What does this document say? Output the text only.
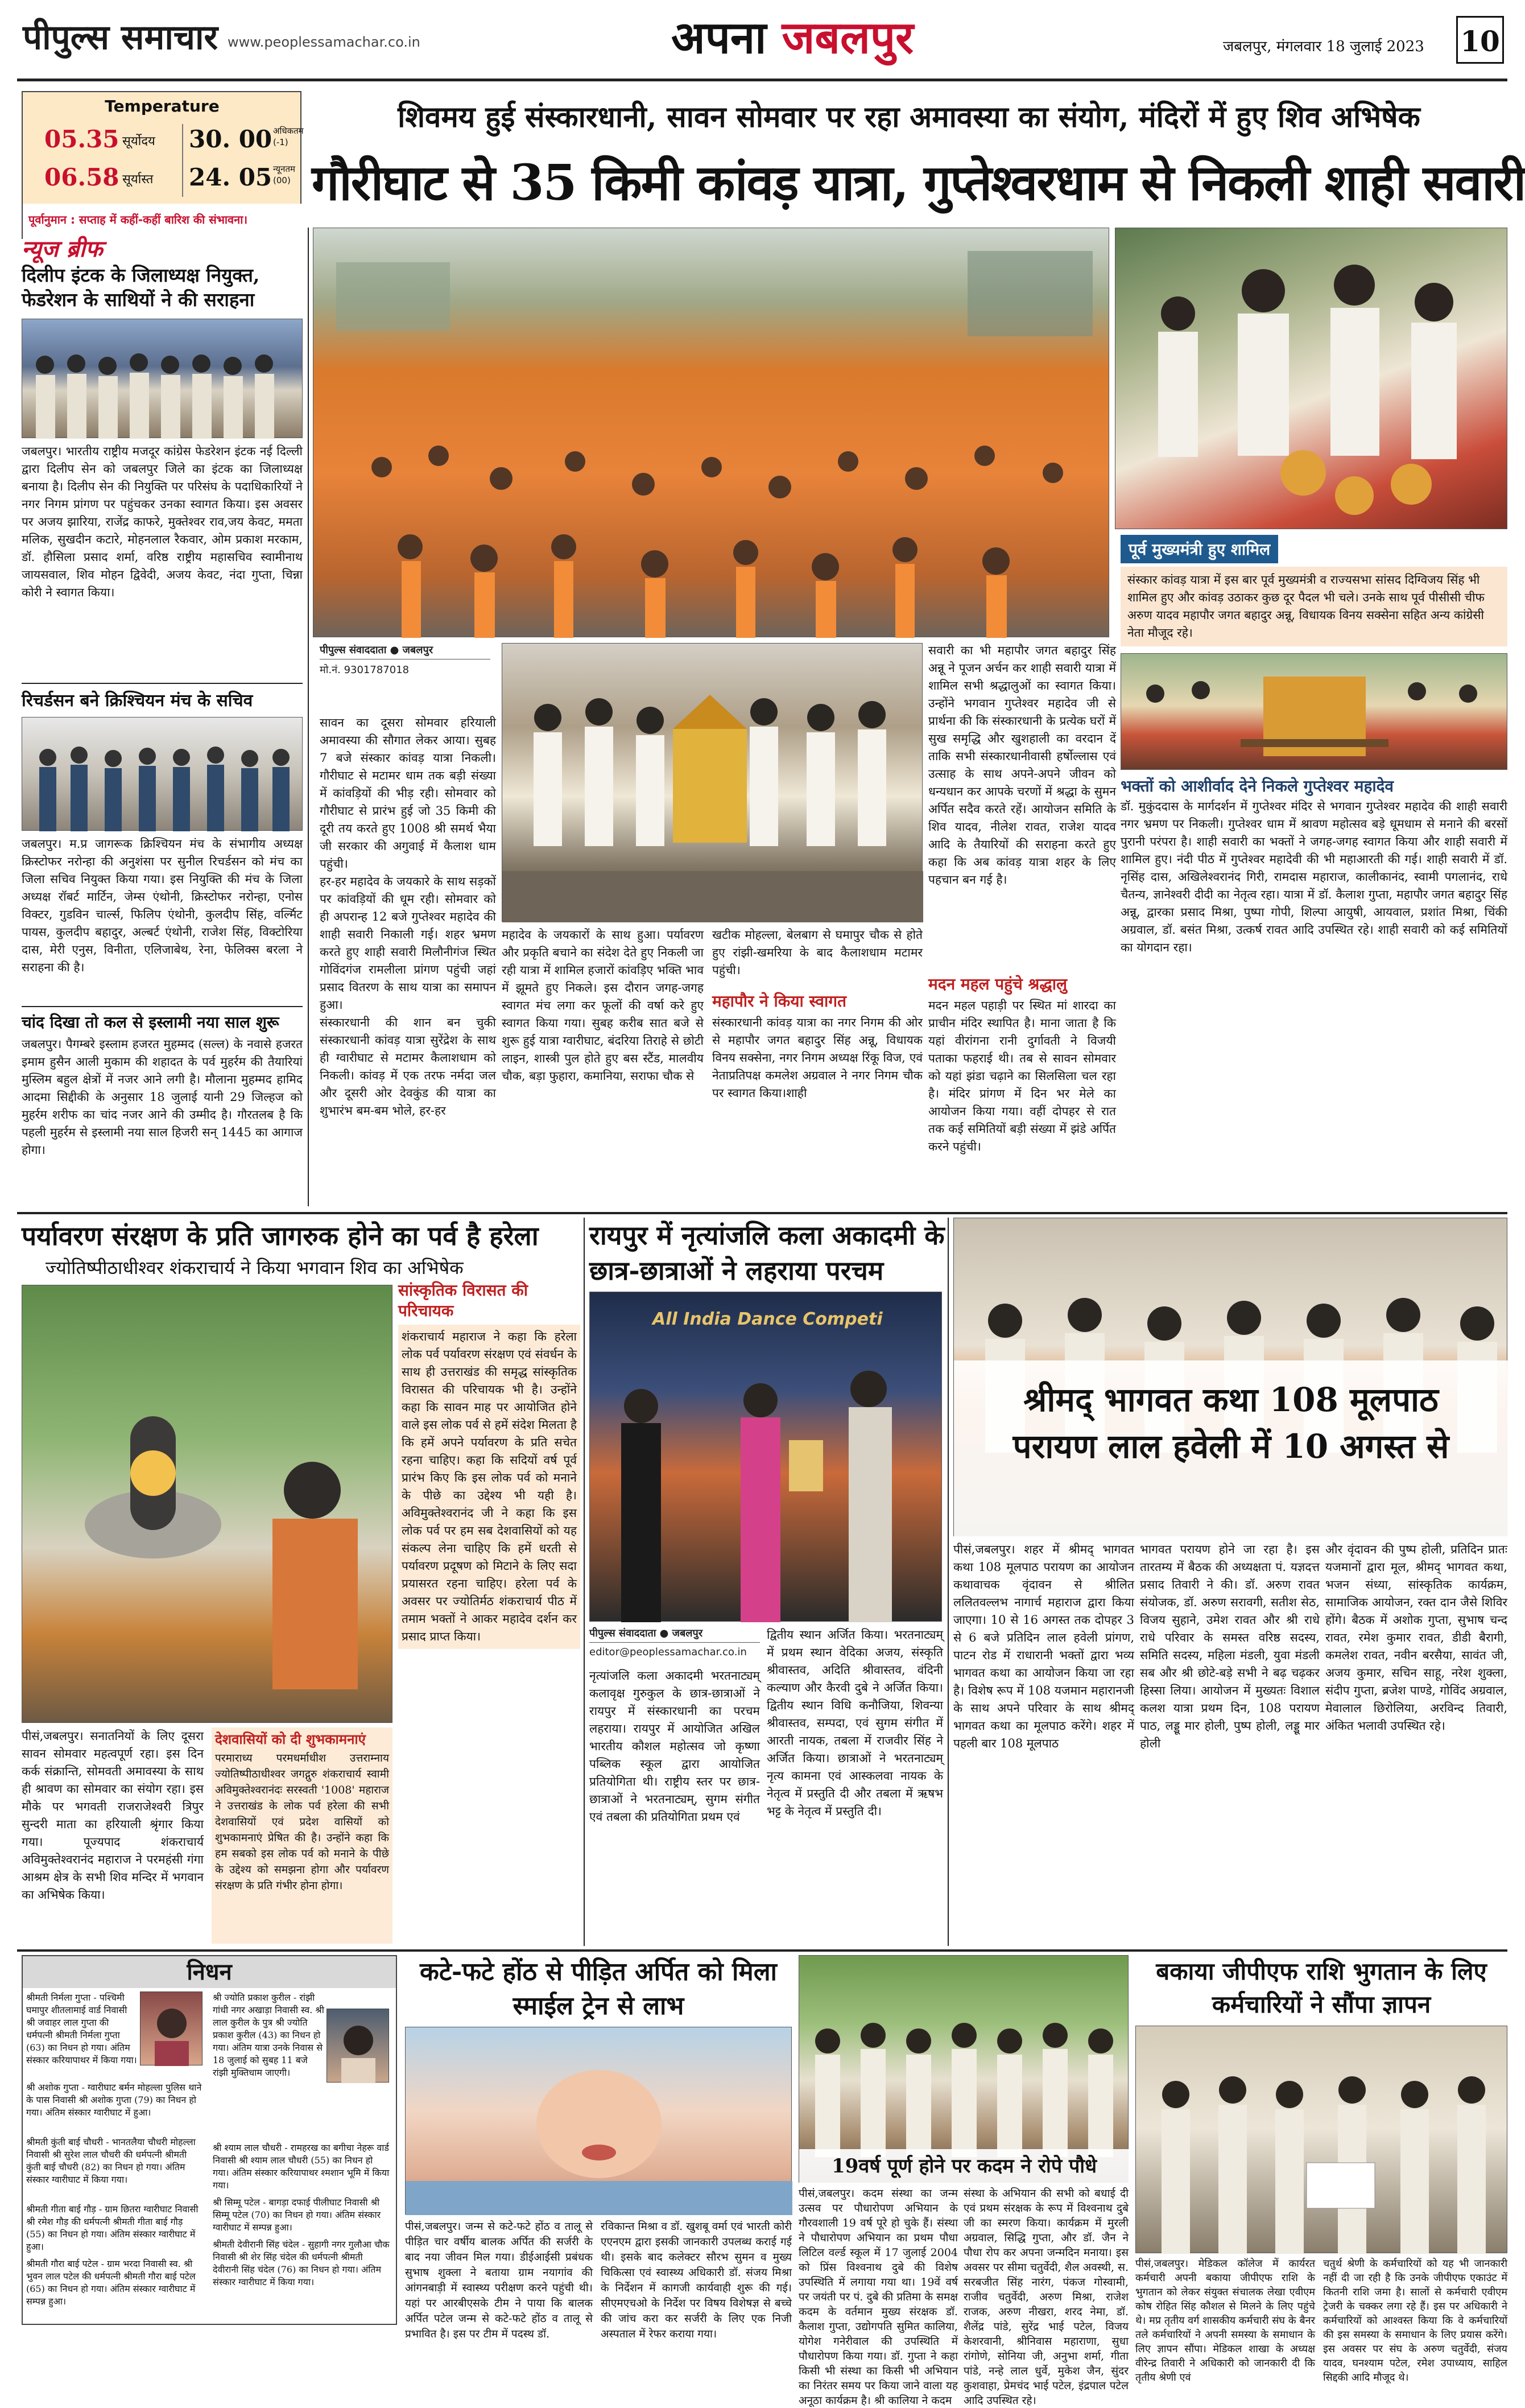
पीपुल्स समाचार www.peoplessamachar.co.in	अपना जबलपुर	जबलपुर, मंगलवार 18 जुलाई 2023 10
Temperature
05.35 सूर्योदय
06.58 सूर्यास्त
30. 00 अधिकतम (-1)
24. 05 न्यूनतम (00)
पूर्वानुमान : सप्ताह में कहीं-कहीं बारिश की संभावना।
शिवमय हुई संस्कारधानी, सावन सोमवार पर रहा अमावस्या का संयोग, मंदिरों में हुए शिव अभिषेक
गौरीघाट से 35 किमी कांवड़ यात्रा, गुप्तेश्वरधाम से निकली शाही सवारी
न्यूज ब्रीफ
दिलीप इंटक के जिलाध्यक्ष नियुक्त, फेडरेशन के साथियों ने की सराहना
जबलपुर। भारतीय राष्ट्रीय मजदूर कांग्रेस फेडरेशन इंटक नई दिल्ली द्वारा दिलीप सेन को जबलपुर जिले का इंटक का जिलाध्यक्ष बनाया है। दिलीप सेन की नियुक्ति पर परिसंघ के पदाधिकारियों ने नगर निगम प्रांगण पर पहुंचकर उनका स्वागत किया। इस अवसर पर अजय झारिया, राजेंद्र काफरे, मुक्तेश्वर राव,जय केवट, ममता मलिक, सुखदीन कटारे, मोहनलाल रैकवार, ओम प्रकाश मरकाम, डॉ. हौसिला प्रसाद शर्मा, वरिष्ठ राष्ट्रीय महासचिव स्वामीनाथ जायसवाल, शिव मोहन द्विवेदी, अजय केवट, नंदा गुप्ता, चिन्ना कोरी ने स्वागत किया।
रिचर्डसन बने क्रिश्चियन मंच के सचिव
जबलपुर। म.प्र जागरूक क्रिश्चियन मंच के संभागीय अध्यक्ष क्रिस्टोफर नरोन्हा की अनुशंसा पर सुनील रिचर्डसन को मंच का जिला सचिव नियुक्त किया गया। इस नियुक्ति की मंच के जिला अध्यक्ष रॉबर्ट मार्टिन, जेम्स एंथोनी, क्रिस्टोफर नरोन्हा, एनोस विक्टर, गुडविन चार्ल्स, फिलिप एंथोनी, कुलदीप सिंह, वर्ल्मिट पायस, कुलदीप बहादुर, अल्बर्ट एंथोनी, राजेश सिंह, विक्टोरिया दास, मेरी एनुस, विनीता, एलिजाबेथ, रेना, फेलिक्स बरला ने सराहना की है।
चांद दिखा तो कल से इस्लामी नया साल शुरू
जबलपुर। पैगम्बरे इस्लाम हजरत मुहम्मद (सल्ल) के नवासे हजरत इमाम हुसैन आली मुकाम की शहादत के पर्व मुहर्रम की तैयारियां मुस्लिम बहुल क्षेत्रों में नजर आने लगी है। मौलाना मुहम्मद हामिद आदमा सिद्दीकी के अनुसार 18 जुलाई यानी 29 जिल्हज को मुहर्रम शरीफ का चांद नजर आने की उम्मीद है। गौरतलब है कि पहली मुहर्रम से इस्लामी नया साल हिजरी सन् 1445 का आगाज होगा।
पीपुल्स संवाददाता ● जबलपुर
मो.नं. 9301787018
सावन का दूसरा सोमवार हरियाली अमावस्या की सौगात लेकर आया। सुबह 7 बजे संस्कार कांवड़ यात्रा निकली। गौरीघाट से मटामर धाम तक बड़ी संख्या में कांवड़ियों की भीड़ रही। सोमवार को गौरीघाट से प्रारंभ हुई जो 35 किमी की दूरी तय करते हुए 1008 श्री समर्थ भैया जी सरकार की अगुवाई में कैलाश धाम पहुंची।
हर-हर महादेव के जयकारे के साथ सड़कों पर कांवड़ियों की धूम रही। सोमवार को ही अपरान्ह 12 बजे गुप्तेश्वर महादेव की शाही सवारी निकाली गई। शहर भ्रमण करते हुए शाही सवारी मिलौनीगंज स्थित गोविंदगंज रामलीला प्रांगण पहुंची जहां प्रसाद वितरण के साथ यात्रा का समापन हुआ।
संस्कारधानी की शान बन चुकी संस्कारधानी कांवड़ यात्रा सुरेंद्रेश के साथ ही ग्वारीघाट से मटामर कैलाशधाम को निकली। कांवड़ में एक तरफ नर्मदा जल और दूसरी ओर देवकुंड की यात्रा का शुभारंभ बम-बम भोले, हर-हर
महादेव के जयकारों के साथ हुआ। पर्यावरण और प्रकृति बचाने का संदेश देते हुए निकली जा रही यात्रा में शामिल हजारों कांवड़िए भक्ति भाव में झूमते हुए निकले। इस दौरान जगह-जगह स्वागत मंच लगा कर फूलों की वर्षा करे हुए स्वागत किया गया। सुबह करीब सात बजे से शुरू हुई यात्रा ग्वारीघाट, बंदरिया तिराहे से छोटी लाइन, शास्त्री पुल होते हुए बस स्टैंड, मालवीय चौक, बड़ा फुहारा, कमानिया, सराफा चौक से
खटीक मोहल्ला, बेलबाग से घमापुर चौक से होते हुए रांझी-खमरिया के बाद कैलाशधाम मटामर पहुंची।
महापौर ने किया स्वागत
संस्कारधानी कांवड़ यात्रा का नगर निगम की ओर से महापौर जगत बहादुर सिंह अन्नू, विधायक विनय सक्सेना, नगर निगम अध्यक्ष रिंकू विज, एवं नेताप्रतिपक्ष कमलेश अग्रवाल ने नगर निगम चौक पर स्वागत किया।शाही
सवारी का भी महापौर जगत बहादुर सिंह अन्नू ने पूजन अर्चन कर शाही सवारी यात्रा में शामिल सभी श्रद्धालुओं का स्वागत किया। उन्होंने भगवान गुप्तेश्वर महादेव जी से प्रार्थना की कि संस्कारधानी के प्रत्येक घरों में सुख समृद्धि और खुशहाली का वरदान दें ताकि सभी संस्कारधानीवासी हर्षोल्लास एवं उत्साह के साथ अपने-अपने जीवन को धन्यधान कर आपके चरणों में श्रद्धा के सुमन अर्पित सदैव करते रहें। आयोजन समिति के शिव यादव, नीलेश रावत, राजेश यादव आदि के तैयारियों की सराहना करते हुए कहा कि अब कांवड़ यात्रा शहर के लिए पहचान बन गई है।
मदन महल पहुंचे श्रद्धालु
मदन महल पहाड़ी पर स्थित मां शारदा का प्राचीन मंदिर स्थापित है। माना जाता है कि यहां वीरांगना रानी दुर्गावती ने विजयी पताका फहराई थी। तब से सावन सोमवार को यहां झंडा चढ़ाने का सिलसिला चल रहा है। मंदिर प्रांगण में दिन भर मेले का आयोजन किया गया। वहीं दोपहर से रात तक कई समितियों बड़ी संख्या में झंडे अर्पित करने पहुंची।
पूर्व मुख्यमंत्री हुए शामिल
संस्कार कांवड़ यात्रा में इस बार पूर्व मुख्यमंत्री व राज्यसभा सांसद दिग्विजय सिंह भी शामिल हुए और कांवड़ उठाकर कुछ दूर पैदल भी चले। उनके साथ पूर्व पीसीसी चीफ अरुण यादव महापौर जगत बहादुर अन्नू, विधायक विनय सक्सेना सहित अन्य कांग्रेसी नेता मौजूद रहे।
भक्तों को आशीर्वाद देने निकले गुप्तेश्वर महादेव
डॉ. मुकुंददास के मार्गदर्शन में गुप्तेश्वर मंदिर से भगवान गुप्तेश्वर महादेव की शाही सवारी नगर भ्रमण पर निकली। गुप्तेश्वर धाम में श्रावण महोत्सव बड़े धूमधाम से मनाने की बरसों पुरानी परंपरा है। शाही सवारी का भक्तों ने जगह-जगह स्वागत किया और शाही सवारी में शामिल हुए। नंदी पीठ में गुप्तेश्वर महादेवी की भी महाआरती की गई। शाही सवारी में डॉ. नृसिंह दास, अखिलेश्वरानंद गिरी, रामदास महाराज, कालीकानंद, स्वामी पगलानंद, राधे चैतन्य, ज्ञानेश्वरी दीदी का नेतृत्व रहा। यात्रा में डॉ. कैलाश गुप्ता, महापौर जगत बहादुर सिंह अन्नू, द्वारका प्रसाद मिश्रा, पुष्पा गोपी, शिल्पा आयुषी, आयवाल, प्रशांत मिश्रा, चिंकी अग्रवाल, डॉ. बसंत मिश्रा, उत्कर्ष रावत आदि उपस्थित रहे। शाही सवारी को कई समितियों का योगदान रहा।
पर्यावरण संरक्षण के प्रति जागरुक होने का पर्व है हरेला
ज्योतिष्पीठाधीश्वर शंकराचार्य ने किया भगवान शिव का अभिषेक
पीसं,जबलपुर। सनातनियों के लिए दूसरा सावन सोमवार महत्वपूर्ण रहा। इस दिन कर्क संक्रान्ति, सोमवती अमावस्या के साथ ही श्रावण का सोमवार का संयोग रहा। इस मौके पर भगवती राजराजेश्वरी त्रिपुर सुन्दरी माता का हरियाली श्रृंगार किया गया। पूज्यपाद शंकराचार्य अविमुक्तेश्वरानंद महाराज ने परमहंसी गंगा आश्रम क्षेत्र के सभी शिव मन्दिर में भगवान का अभिषेक किया।
देशवासियों को दी शुभकामनाएं
परमाराध्य परमधर्माधीश उत्तराम्नाय ज्योतिष्पीठाधीश्वर जगद्गुरु शंकराचार्य स्वामी अविमुक्तेश्वरानंदः सरस्वती '1008' महाराज ने उत्तराखंड के लोक पर्व हरेला की सभी देशवासियों एवं प्रदेश वासियों को शुभकामनाएं प्रेषित की है। उन्होंने कहा कि हम सबको इस लोक पर्व को मनाने के पीछे के उद्देश्य को समझना होगा और पर्यावरण संरक्षण के प्रति गंभीर होना होगा।
सांस्कृतिक विरासत की परिचायक
शंकराचार्य महाराज ने कहा कि हरेला लोक पर्व पर्यावरण संरक्षण एवं संवर्धन के साथ ही उत्तराखंड की समृद्ध सांस्कृतिक विरासत की परिचायक भी है। उन्होंने कहा कि सावन माह पर आयोजित होने वाले इस लोक पर्व से हमें संदेश मिलता है कि हमें अपने पर्यावरण के प्रति सचेत रहना चाहिए। कहा कि सदियों वर्ष पूर्व प्रारंभ किए कि इस लोक पर्व को मनाने के पीछे का उद्देश्य भी यही है। अविमुक्तेश्वरानंद जी ने कहा कि इस लोक पर्व पर हम सब देशवासियों को यह संकल्प लेना चाहिए कि हमें धरती से पर्यावरण प्रदूषण को मिटाने के लिए सदा प्रयासरत रहना चाहिए। हरेला पर्व के अवसर पर ज्योतिर्मठ शंकराचार्य पीठ में तमाम भक्तों ने आकर महादेव दर्शन कर प्रसाद प्राप्त किया।
रायपुर में नृत्यांजलि कला अकादमी के छात्र-छात्राओं ने लहराया परचम
All India Dance Competi
पीपुल्स संवाददाता ● जबलपुर
editor@peoplessamachar.co.in
नृत्यांजलि कला अकादमी भरतनाट्यम् कलावृक्ष गुरुकुल के छात्र-छात्राओं ने रायपुर में संस्कारधानी का परचम लहराया। रायपुर में आयोजित अखिल भारतीय कौशल महोत्सव जो कृष्णा पब्लिक स्कूल द्वारा आयोजित प्रतियोगिता थी। राष्ट्रीय स्तर पर छात्र-छात्राओं ने भरतनाट्यम्, सुगम संगीत एवं तबला की प्रतियोगिता प्रथम एवं
द्वितीय स्थान अर्जित किया। भरतनाट्यम् में प्रथम स्थान वेदिका अजय, संस्कृति श्रीवास्तव, अदिति श्रीवास्तव, वंदिनी कल्याण और कैरवी दुबे ने अर्जित किया। द्वितीय स्थान विधि कनौजिया, शिवन्या श्रीवास्तव, सम्पदा, एवं सुगम संगीत में आरती नायक, तबला में राजवीर सिंह ने अर्जित किया। छात्राओं ने भरतनाट्यम् नृत्य कामना एवं आस्कलवा नायक के नेतृत्व में प्रस्तुति दी और तबला में ऋषभ भट्ट के नेतृत्व में प्रस्तुति दी।
श्रीमद् भागवत कथा 108 मूलपाठ परायण लाल हवेली में 10 अगस्त से
पीसं,जबलपुर। शहर में श्रीमद् भागवत कथा 108 मूलपाठ परायण का आयोजन कथावाचक वृंदावन से श्रीलित ललितवल्लभ नागार्च महाराज द्वारा किया जाएगा। 10 से 16 अगस्त तक दोपहर 3 से 6 बजे प्रतिदिन लाल हवेली प्रांगण, पाटन रोड में राधारानी भक्तों द्वारा भव्य भागवत कथा का आयोजन किया जा रहा है। विशेष रूप में 108 यजमान महारानजी के साथ अपने परिवार के साथ श्रीमद् भागवत कथा का मूलपाठ करेंगे। शहर में पहली बार 108 मूलपाठ
भागवत परायण होने जा रहा है। इस तारतम्य में बैठक की अध्यक्षता पं. यज्ञदत्त प्रसाद तिवारी ने की। डॉ. अरुण रावत संयोजक, डॉ. अरुण सरावगी, सतीश सेठ, विजय सुहाने, उमेश रावत और श्री राधे राधे परिवार के समस्त वरिष्ठ सदस्य, समिति सदस्य, महिला मंडली, युवा मंडली सब और श्री छोटे-बड़े सभी ने बढ़ चढ़कर हिस्सा लिया। आयोजन में मुख्यतः विशाल कलश यात्रा प्रथम दिन, 108 परायण पाठ, लड्डू मार होली, पुष्प होली, लड्डू मार होली
और वृंदावन की पुष्प होली, प्रतिदिन प्रातः यजमानों द्वारा मूल, श्रीमद् भागवत कथा, भजन संध्या, सांस्कृतिक कार्यक्रम, सामाजिक आयोजन, रक्त दान जैसे शिविर होंगे। बैठक में अशोक गुप्ता, सुभाष चन्द रावत, रमेश कुमार रावत, डीडी बैरागी, कमलेश रावत, नवीन बरसैया, सावंत जी, अजय कुमार, सचिन साहू, नरेश शुक्ला, संदीप गुप्ता, ब्रजेश पाण्डे, गोविंद अग्रवाल, मेवालाल छिरोलिया, अरविन्द तिवारी, अंकित भलावी उपस्थित रहे।
निधन
श्रीमती निर्मला गुप्ता - पश्चिमी घमापुर शीतलामाई वार्ड निवासी श्री जवाहर लाल गुप्ता की धर्मपत्नी श्रीमती निर्मला गुप्ता (63) का निधन हो गया। अंतिम संस्कार करियापाथर में किया गया।
श्री अशोक गुप्ता - ग्वारीघाट बर्मन मोहल्ला पुलिस थाने के पास निवासी श्री अशोक गुप्ता (79) का निधन हो गया। अंतिम संस्कार ग्वारीघाट में हुआ।
श्रीमती कुंती बाई चौधरी - भानतलैया चौधरी मोहल्ला निवासी श्री सुरेश लाल चौधरी की धर्मपत्नी श्रीमती कुंती बाई चौधरी (82) का निधन हो गया। अंतिम संस्कार ग्वारीघाट में किया गया।
श्रीमती गीता बाई गौड़ - ग्राम छितरा ग्वारीघाट निवासी श्री रमेश गौड़ की धर्मपत्नी श्रीमती गीता बाई गौड़ (55) का निधन हो गया। अंतिम संस्कार ग्वारीघाट में हुआ।
श्रीमती गौरा बाई पटेल - ग्राम भरदा निवासी स्व. श्री भुवन लाल पटेल की धर्मपत्नी श्रीमती गौरा बाई पटेल (65) का निधन हो गया। अंतिम संस्कार ग्वारीघाट में सम्पन्न हुआ।
श्री ज्योति प्रकाश कुरील - रांझी गांधी नगर अखाड़ा निवासी स्व. श्री लाल कुरील के पुत्र श्री ज्योति प्रकाश कुरील (43) का निधन हो गया। अंतिम यात्रा उनके निवास से 18 जुलाई को सुबह 11 बजे रांझी मुक्तिधाम जाएगी।
श्री श्याम लाल चौधरी - रामहरख का बगीचा नेहरू वार्ड निवासी श्री श्याम लाल चौधरी (55) का निधन हो गया। अंतिम संस्कार करियापाथर श्मशान भूमि में किया गया।
श्री सिम्मू पटेल - बागड़ा दफाई पीलीघाट निवासी श्री सिम्मू पटेल (70) का निधन हो गया। अंतिम संस्कार ग्वारीघाट में सम्पन्न हुआ।
श्रीमती देवीरानी सिंह चंदेल - सुहागी नगर गुलौआ चौक निवासी श्री शेर सिंह चंदेल की धर्मपत्नी श्रीमती देवीरानी सिंह चंदेल (76) का निधन हो गया। अंतिम संस्कार ग्वारीघाट में किया गया।
कटे-फटे होंठ से पीड़ित अर्पित को मिला स्माईल ट्रेन से लाभ
पीसं,जबलपुर। जन्म से कटे-फटे होंठ व तालू से पीड़ित चार वर्षीय बालक अर्पित की सर्जरी के बाद नया जीवन मिल गया। डीईआईसी प्रबंधक सुभाष शुक्ला ने बताया ग्राम नयागांव की आंगनबाड़ी में स्वास्थ्य परीक्षण करने पहुंची थी। यहां पर आरबीएसके टीम ने पाया कि बालक अर्पित पटेल जन्म से कटे-फटे होंठ व तालू से प्रभावित है। इस पर टीम में पदस्थ डॉ.
रविकान्त मिश्रा व डॉ. खुशबू वर्मा एवं भारती कोरी एएनएम द्वारा इसकी जानकारी उपलब्ध कराई गई थी। इसके बाद कलेक्टर सौरभ सुमन व मुख्य चिकित्सा एवं स्वास्थ्य अधिकारी डॉ. संजय मिश्रा के निर्देशन में कागजी कार्यवाही शुरू की गई। सीएमएचओ के निर्देश पर विषय विशेषज्ञ से बच्चे की जांच करा कर सर्जरी के लिए एक निजी अस्पताल में रेफर कराया गया।
19वर्ष पूर्ण होने पर कदम ने रोपे पौधे
पीसं,जबलपुर। कदम संस्था का जन्म उत्सव पर पौधारोपण अभियान के गौरवशाली 19 वर्ष पूरे हो चुके हैं। संस्था ने पौधारोपण अभियान का प्रथम पौधा लिटिल वर्ल्ड स्कूल में 17 जुलाई 2004 को प्रिंस विश्वनाथ दुबे की विशेष उपस्थिति में लगाया गया था। 19वें वर्ष पर जयंती पर पं. दुबे की प्रतिमा के समक्ष कदम के वर्तमान मुख्य संरक्षक डॉ. कैलाश गुप्ता, उद्योगपति सुमित कालिया, योगेश गनेरीवाल की उपस्थिति में पौधारोपण किया गया। डॉ. गुप्ता ने कहा किसी भी संस्था का किसी भी अभियान का निरंतर समय पर किया जाने वाला यह अनूठा कार्यक्रम है। श्री कालिया ने कदम
संस्था के अभियान की सभी को बधाई दी एवं प्रथम संरक्षक के रूप में विश्वनाथ दुबे जी का स्मरण किया। कार्यक्रम में मुरली अग्रवाल, सिद्धि गुप्ता, और डॉ. जैन ने पौधा रोप कर अपना जन्मदिन मनाया। इस अवसर पर सीमा चतुर्वेदी, शैल अवस्थी, स. सरबजीत सिंह नारंग, पंकज गोस्वामी, राजीव चतुर्वेदी, अरुण मिश्रा, राजेश राजक, अरुण नीखरा, शरद नेमा, डॉ. शैलेंद्र पांडे, सुरेंद्र भाई पटेल, विजय केशरवानी, श्रीनिवास महाराणा, सुधा रांगोणे, सोनिया जी, अनुभा शर्मा, गीता पांडे, नन्हे लाल धुर्वे, मुकेश जैन, सुंदर कुशवाहा, प्रेमचंद भाई पटेल, इंद्रपाल पटेल आदि उपस्थित रहे।
बकाया जीपीएफ राशि भुगतान के लिए कर्मचारियों ने सौंपा ज्ञापन
पीसं,जबलपुर। मेडिकल कॉलेज में कार्यरत कर्मचारी अपनी बकाया जीपीएफ राशि के भुगतान को लेकर संयुक्त संचालक लेखा एवीएम कोष रोहित सिंह कौशल से मिलने के लिए पहुंचे थे। मप्र तृतीय वर्ग शासकीय कर्मचारी संघ के बैनर तले कर्मचारियों ने अपनी समस्या के समाधान के लिए ज्ञापन सौंपा। मेडिकल शाखा के अध्यक्ष वीरेन्द्र तिवारी ने अधिकारी को जानकारी दी कि तृतीय श्रेणी एवं
चतुर्थ श्रेणी के कर्मचारियों को यह भी जानकारी नहीं दी जा रही है कि उनके जीपीएफ एकाउंट में कितनी राशि जमा है। सालों से कर्मचारी एवीएम ट्रेजरी के चक्कर लगा रहे हैं। इस पर अधिकारी ने कर्मचारियों को आश्वस्त किया कि वे कर्मचारियों की इस समस्या के समाधान के लिए प्रयास करेंगे। इस अवसर पर संघ के अरुण चतुर्वेदी, संजय यादव, घनश्याम पटेल, रमेश उपाध्याय, साहिल सिद्दकी आदि मौजूद थे।
